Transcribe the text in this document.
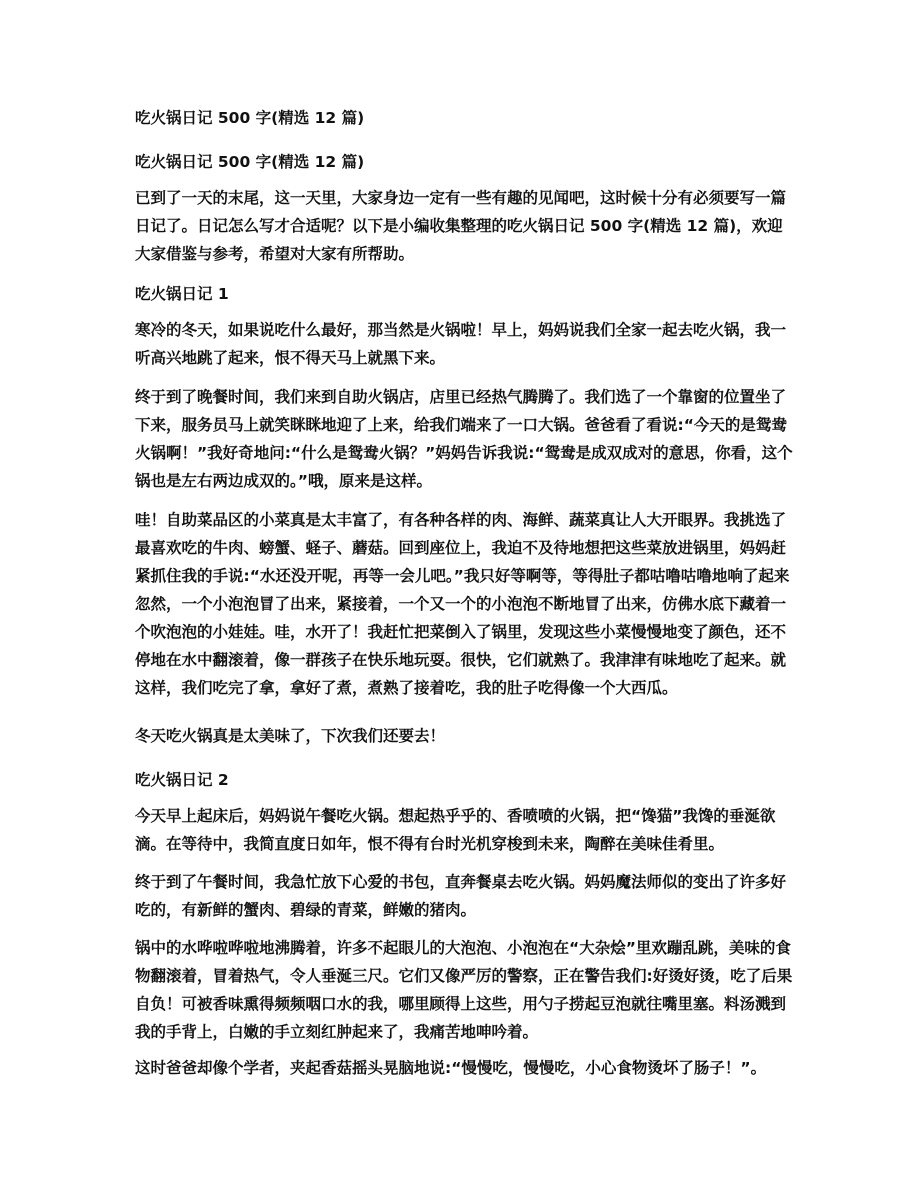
吃火锅日记 500 字(精选 12 篇)

吃火锅日记 500 字(精选 12 篇)

已到了一天的末尾，这一天里，大家身边一定有一些有趣的见闻吧，这时候十分有必须要写一篇日记了。日记怎么写才合适呢？以下是小编收集整理的吃火锅日记 500 字(精选 12 篇)，欢迎大家借鉴与参考，希望对大家有所帮助。

吃火锅日记 1

寒冷的冬天，如果说吃什么最好，那当然是火锅啦！早上，妈妈说我们全家一起去吃火锅，我一听高兴地跳了起来，恨不得天马上就黑下来。

终于到了晚餐时间，我们来到自助火锅店，店里已经热气腾腾了。我们选了一个靠窗的位置坐了下来，服务员马上就笑眯眯地迎了上来，给我们端来了一口大锅。爸爸看了看说:“今天的是鸳鸯火锅啊！”我好奇地问:“什么是鸳鸯火锅？”妈妈告诉我说:“鸳鸯是成双成对的意思，你看，这个锅也是左右两边成双的。”哦，原来是这样。

哇！自助菜品区的小菜真是太丰富了，有各种各样的肉、海鲜、蔬菜真让人大开眼界。我挑选了最喜欢吃的牛肉、螃蟹、蛏子、蘑菇。回到座位上，我迫不及待地想把这些菜放进锅里，妈妈赶紧抓住我的手说:“水还没开呢，再等一会儿吧。”我只好等啊等，等得肚子都咕噜咕噜地响了起来忽然，一个小泡泡冒了出来，紧接着，一个又一个的小泡泡不断地冒了出来，仿佛水底下藏着一个吹泡泡的小娃娃。哇，水开了！我赶忙把菜倒入了锅里，发现这些小菜慢慢地变了颜色，还不停地在水中翻滚着，像一群孩子在快乐地玩耍。很快，它们就熟了。我津津有味地吃了起来。就这样，我们吃完了拿，拿好了煮，煮熟了接着吃，我的肚子吃得像一个大西瓜。

冬天吃火锅真是太美味了，下次我们还要去！

吃火锅日记 2

今天早上起床后，妈妈说午餐吃火锅。想起热乎乎的、香喷喷的火锅，把“馋猫”我馋的垂涎欲滴。在等待中，我简直度日如年，恨不得有台时光机穿梭到未来，陶醉在美味佳肴里。

终于到了午餐时间，我急忙放下心爱的书包，直奔餐桌去吃火锅。妈妈魔法师似的变出了许多好吃的，有新鲜的蟹肉、碧绿的青菜，鲜嫩的猪肉。

锅中的水哗啦哗啦地沸腾着，许多不起眼儿的大泡泡、小泡泡在“大杂烩”里欢蹦乱跳，美味的食物翻滚着，冒着热气，令人垂涎三尺。它们又像严厉的警察，正在警告我们:好烫好烫，吃了后果自负！可被香味熏得频频咽口水的我，哪里顾得上这些，用勺子捞起豆泡就往嘴里塞。料汤溅到我的手背上，白嫩的手立刻红肿起来了，我痛苦地呻吟着。

这时爸爸却像个学者，夹起香菇摇头晃脑地说:“慢慢吃，慢慢吃，小心食物烫坏了肠子！”。
